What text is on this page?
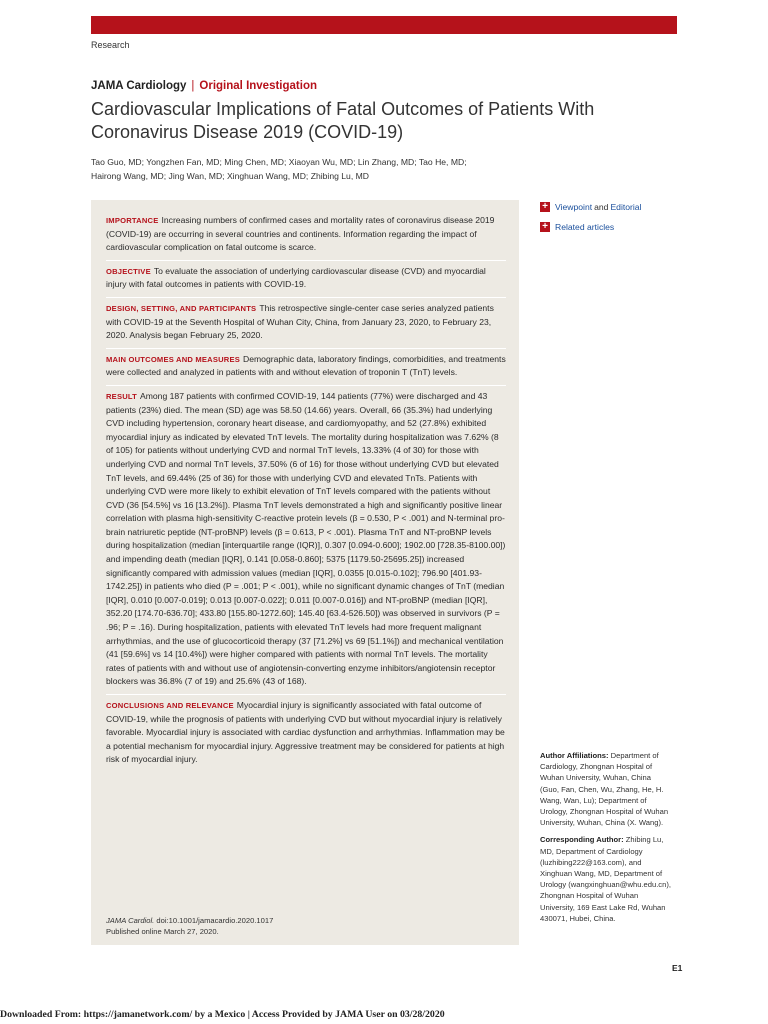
Research
JAMA Cardiology | Original Investigation
Cardiovascular Implications of Fatal Outcomes of Patients With Coronavirus Disease 2019 (COVID-19)
Tao Guo, MD; Yongzhen Fan, MD; Ming Chen, MD; Xiaoyan Wu, MD; Lin Zhang, MD; Tao He, MD; Hairong Wang, MD; Jing Wan, MD; Xinghuan Wang, MD; Zhibing Lu, MD

IMPORTANCE Increasing numbers of confirmed cases and mortality rates of coronavirus disease 2019 (COVID-19) are occurring in several countries and continents. Information regarding the impact of cardiovascular complication on fatal outcome is scarce.

OBJECTIVE To evaluate the association of underlying cardiovascular disease (CVD) and myocardial injury with fatal outcomes in patients with COVID-19.

DESIGN, SETTING, AND PARTICIPANTS This retrospective single-center case series analyzed patients with COVID-19 at the Seventh Hospital of Wuhan City, China, from January 23, 2020, to February 23, 2020. Analysis began February 25, 2020.

MAIN OUTCOMES AND MEASURES Demographic data, laboratory findings, comorbidities, and treatments were collected and analyzed in patients with and without elevation of troponin T (TnT) levels.

RESULT Among 187 patients with confirmed COVID-19, 144 patients (77%) were discharged and 43 patients (23%) died. The mean (SD) age was 58.50 (14.66) years. Overall, 66 (35.3%) had underlying CVD including hypertension, coronary heart disease, and cardiomyopathy, and 52 (27.8%) exhibited myocardial injury as indicated by elevated TnT levels. The mortality during hospitalization was 7.62% (8 of 105) for patients without underlying CVD and normal TnT levels, 13.33% (4 of 30) for those with underlying CVD and normal TnT levels, 37.50% (6 of 16) for those without underlying CVD but elevated TnT levels, and 69.44% (25 of 36) for those with underlying CVD and elevated TnTs. Patients with underlying CVD were more likely to exhibit elevation of TnT levels compared with the patients without CVD (36 [54.5%] vs 16 [13.2%]). Plasma TnT levels demonstrated a high and significantly positive linear correlation with plasma high-sensitivity C-reactive protein levels (β = 0.530, P < .001) and N-terminal pro-brain natriuretic peptide (NT-proBNP) levels (β = 0.613, P < .001). Plasma TnT and NT-proBNP levels during hospitalization (median [interquartile range (IQR)], 0.307 [0.094-0.600]; 1902.00 [728.35-8100.00]) and impending death (median [IQR], 0.141 [0.058-0.860]; 5375 [1179.50-25695.25]) increased significantly compared with admission values (median [IQR], 0.0355 [0.015-0.102]; 796.90 [401.93-1742.25]) in patients who died (P = .001; P < .001), while no significant dynamic changes of TnT (median [IQR], 0.010 [0.007-0.019]; 0.013 [0.007-0.022]; 0.011 [0.007-0.016]) and NT-proBNP (median [IQR], 352.20 [174.70-636.70]; 433.80 [155.80-1272.60]; 145.40 [63.4-526.50]) was observed in survivors (P = .96; P = .16). During hospitalization, patients with elevated TnT levels had more frequent malignant arrhythmias, and the use of glucocorticoid therapy (37 [71.2%] vs 69 [51.1%]) and mechanical ventilation (41 [59.6%] vs 14 [10.4%]) were higher compared with patients with normal TnT levels. The mortality rates of patients with and without use of angiotensin-converting enzyme inhibitors/angiotensin receptor blockers was 36.8% (7 of 19) and 25.6% (43 of 168).

CONCLUSIONS AND RELEVANCE Myocardial injury is significantly associated with fatal outcome of COVID-19, while the prognosis of patients with underlying CVD but without myocardial injury is relatively favorable. Myocardial injury is associated with cardiac dysfunction and arrhythmias. Inflammation may be a potential mechanism for myocardial injury. Aggressive treatment may be considered for patients at high risk of myocardial injury.

JAMA Cardiol. doi:10.1001/jamacardio.2020.1017
Published online March 27, 2020.
+ Viewpoint and Editorial
+ Related articles

Author Affiliations: Department of Cardiology, Zhongnan Hospital of Wuhan University, Wuhan, China (Guo, Fan, Chen, Wu, Zhang, He, H. Wang, Wan, Lu); Department of Urology, Zhongnan Hospital of Wuhan University, Wuhan, China (X. Wang).

Corresponding Author: Zhibing Lu, MD, Department of Cardiology (luzhibing222@163.com), and Xinghuan Wang, MD, Department of Urology (wangxinghuan@whu.edu.cn), Zhongnan Hospital of Wuhan University, 169 East Lake Rd, Wuhan 430071, Hubei, China.

E1
Downloaded From: https://jamanetwork.com/ by a Mexico | Access Provided by JAMA User on 03/28/2020
